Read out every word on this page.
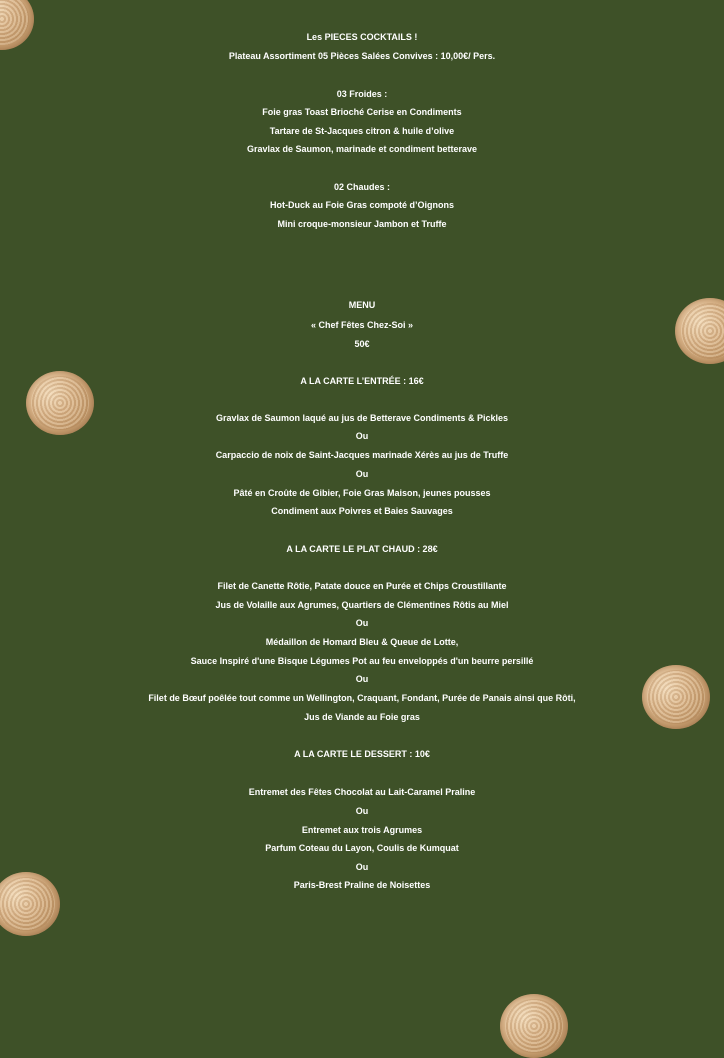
Les PIECES COCKTAILS !
Plateau Assortiment 05 Pièces Salées Convives : 10,00€/ Pers.
03 Froides :
Foie gras Toast Brioché Cerise en Condiments
Tartare de St-Jacques citron & huile d’olive
Gravlax de Saumon, marinade et condiment betterave
02 Chaudes :
Hot-Duck au Foie Gras compoté d’Oignons
Mini croque-monsieur Jambon et Truffe
MENU
« Chef Fêtes Chez-Soi »
50€
A LA CARTE L’ENTRÉE : 16€
Gravlax de Saumon laqué au jus de Betterave Condiments & Pickles
Ou
Carpaccio de noix de Saint-Jacques marinade Xérès au jus de Truffe
Ou
Pâté en Croûte de Gibier, Foie Gras Maison, jeunes pousses
Condiment aux Poivres et Baies Sauvages
A LA CARTE LE PLAT CHAUD : 28€
Filet de Canette Rôtie, Patate douce en Purée et Chips Croustillante
Jus de Volaille aux Agrumes, Quartiers de Clémentines Rôtis au Miel
Ou
Médaillon de Homard Bleu & Queue de Lotte,
Sauce Inspiré d'une Bisque Légumes Pot au feu enveloppés d'un beurre persillé
Ou
Filet de Bœuf poêlée tout comme un Wellington, Craquant, Fondant, Purée de Panais ainsi que Rôti,
Jus de Viande au Foie gras
A LA CARTE LE DESSERT : 10€
Entremet des Fêtes Chocolat au Lait-Caramel Praline
Ou
Entremet aux trois Agrumes
Parfum Coteau du Layon, Coulis de Kumquat
Ou
Paris-Brest Praline de Noisettes
